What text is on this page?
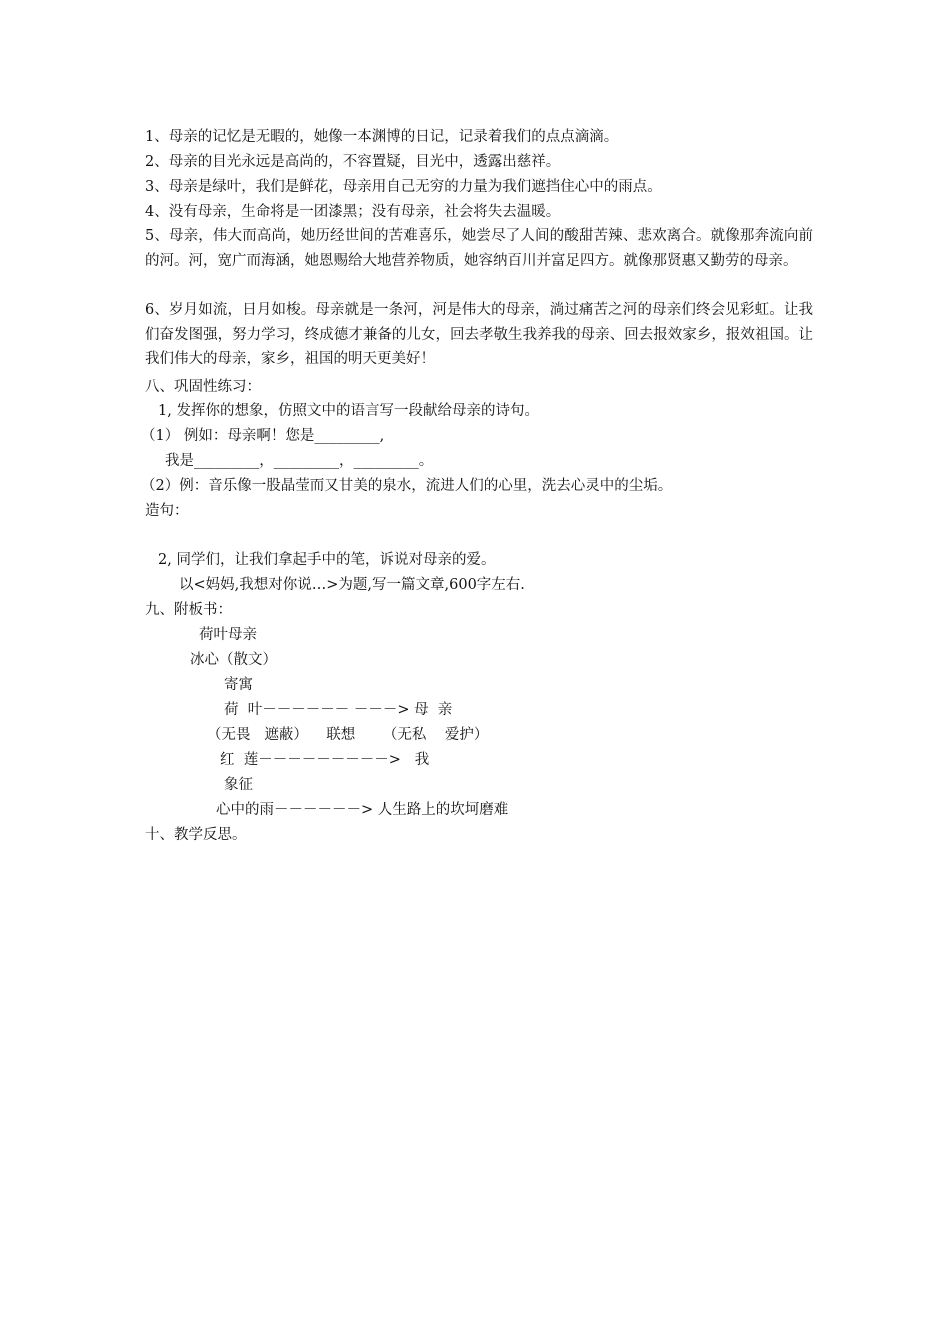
1、母亲的记忆是无暇的，她像一本渊博的日记，记录着我们的点点滴滴。
2、母亲的目光永远是高尚的，不容置疑，目光中，透露出慈祥。
3、母亲是绿叶，我们是鲜花，母亲用自己无穷的力量为我们遮挡住心中的雨点。
4、没有母亲，生命将是一团漆黑；没有母亲，社会将失去温暖。
5、母亲，伟大而高尚，她历经世间的苦难喜乐，她尝尽了人间的酸甜苦辣、悲欢离合。就像那奔流向前的河。河，宽广而海涵，她恩赐给大地营养物质，她容纳百川并富足四方。就像那贤惠又勤劳的母亲。
6、岁月如流，日月如梭。母亲就是一条河，河是伟大的母亲，淌过痛苦之河的母亲们终会见彩虹。让我们奋发图强，努力学习，终成德才兼备的儿女，回去孝敬生我养我的母亲、回去报效家乡，报效祖国。让我们伟大的母亲，家乡，祖国的明天更美好！
八、巩固性练习：
1, 发挥你的想象，仿照文中的语言写一段献给母亲的诗句。
（1） 例如：母亲啊！您是_________,
我是_________，_________，_________。
（2）例：音乐像一股晶莹而又甘美的泉水，流进人们的心里，洗去心灵中的尘垢。
造句：
2, 同学们，让我们拿起手中的笔，诉说对母亲的爱。
以<妈妈,我想对你说…>为题,写一篇文章,600字左右.
九、附板书：
荷叶母亲
冰心（散文）
寄寓
荷  叶－－－－－－ －－－> 母  亲
（无畏   遮蔽）    联想      （无私    爱护）
红  莲－－－－－－－－－>   我
象征
心中的雨－－－－－－> 人生路上的坎坷磨难
十、教学反思。
